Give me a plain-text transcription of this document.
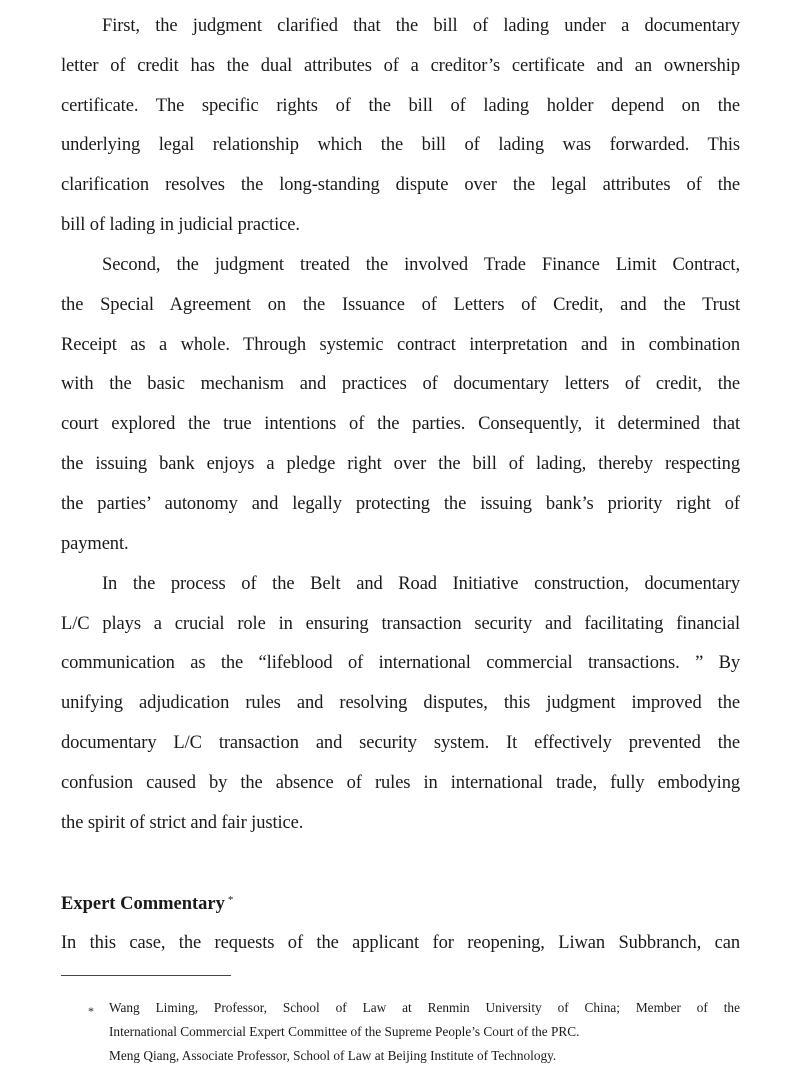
First, the judgment clarified that the bill of lading under a documentary
letter of credit has the dual attributes of a creditor’s certificate and an ownership
certificate. The specific rights of the bill of lading holder depend on the
underlying legal relationship which the bill of lading was forwarded. This
clarification resolves the long-standing dispute over the legal attributes of the
bill of lading in judicial practice.
Second, the judgment treated the involved Trade Finance Limit Contract,
the Special Agreement on the Issuance of Letters of Credit, and the Trust
Receipt as a whole. Through systemic contract interpretation and in combination
with the basic mechanism and practices of documentary letters of credit, the
court explored the true intentions of the parties. Consequently, it determined that
the issuing bank enjoys a pledge right over the bill of lading, thereby respecting
the parties’ autonomy and legally protecting the issuing bank’s priority right of
payment.
In the process of the Belt and Road Initiative construction, documentary
L/C plays a crucial role in ensuring transaction security and facilitating financial
communication as the “lifeblood of international commercial transactions. ” By
unifying adjudication rules and resolving disputes, this judgment improved the
documentary L/C transaction and security system. It effectively prevented the
confusion caused by the absence of rules in international trade, fully embodying
the spirit of strict and fair justice.
Expert Commentary *
In this case, the requests of the applicant for reopening, Liwan Subbranch, can
* Wang Liming, Professor, School of Law at Renmin University of China; Member of the
International Commercial Expert Committee of the Supreme People’s Court of the PRC.
Meng Qiang, Associate Professor, School of Law at Beijing Institute of Technology.
